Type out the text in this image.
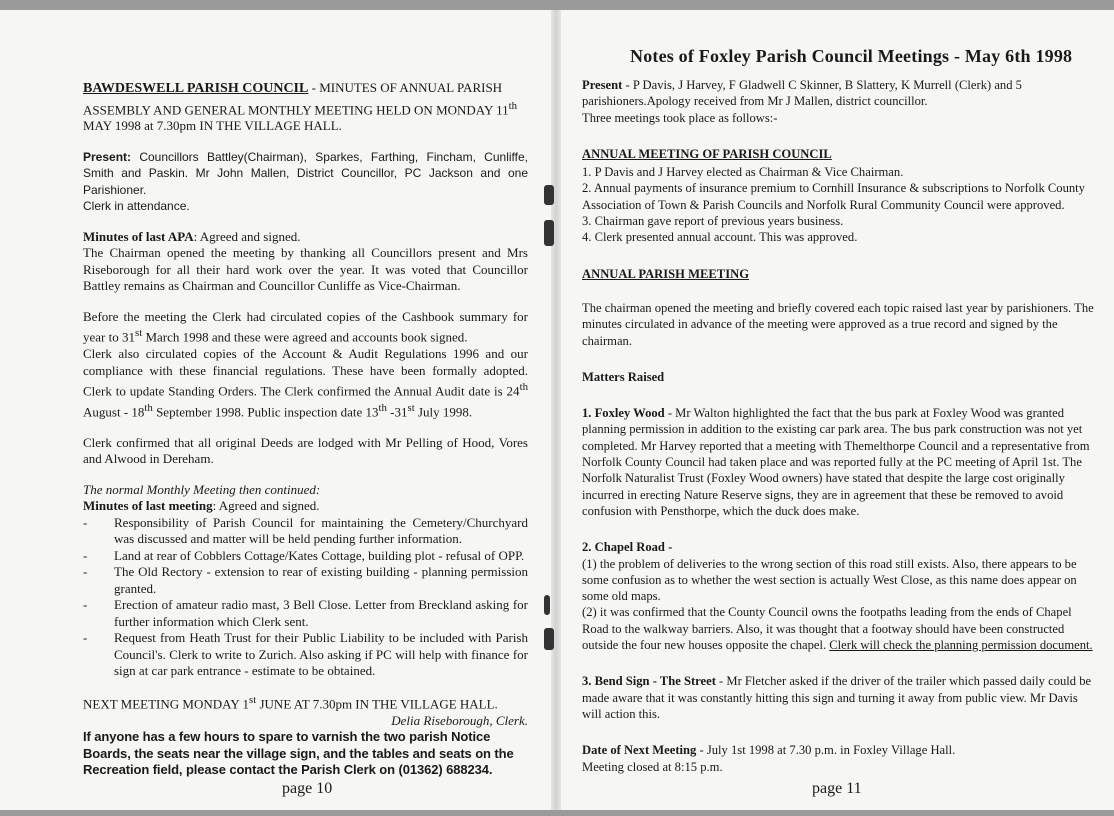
BAWDESWELL PARISH COUNCIL - MINUTES OF ANNUAL PARISH ASSEMBLY AND GENERAL MONTHLY MEETING HELD ON MONDAY 11th MAY 1998 at 7.30pm IN THE VILLAGE HALL.

Present: Councillors Battley(Chairman), Sparkes, Farthing, Fincham, Cunliffe, Smith and Paskin. Mr John Mallen, District Councillor, PC Jackson and one Parishioner.

Clerk in attendance.

Minutes of last APA: Agreed and signed.

The Chairman opened the meeting by thanking all Councillors present and Mrs Riseborough for all their hard work over the year. It was voted that Councillor Battley remains as Chairman and Councillor Cunliffe as Vice-Chairman.

Before the meeting the Clerk had circulated copies of the Cashbook summary for year to 31st March 1998 and these were agreed and accounts book signed.

Clerk also circulated copies of the Account & Audit Regulations 1996 and our compliance with these financial regulations. These have been formally adopted. Clerk to update Standing Orders. The Clerk confirmed the Annual Audit date is 24th August - 18th September 1998. Public inspection date 13th -31st July 1998.

Clerk confirmed that all original Deeds are lodged with Mr Pelling of Hood, Vores and Alwood in Dereham.

The normal Monthly Meeting then continued:

Minutes of last meeting: Agreed and signed.

- Responsibility of Parish Council for maintaining the Cemetery/Churchyard was discussed and matter will be held pending further information.
- Land at rear of Cobblers Cottage/Kates Cottage, building plot - refusal of OPP.
- The Old Rectory - extension to rear of existing building - planning permission granted.
- Erection of amateur radio mast, 3 Bell Close. Letter from Breckland asking for further information which Clerk sent.
- Request from Heath Trust for their Public Liability to be included with Parish Council's. Clerk to write to Zurich. Also asking if PC will help with finance for sign at car park entrance - estimate to be obtained.

NEXT MEETING MONDAY 1st JUNE AT 7.30pm IN THE VILLAGE HALL.

Delia Riseborough, Clerk.

If anyone has a few hours to spare to varnish the two parish Notice Boards, the seats near the village sign, and the tables and seats on the Recreation field, please contact the Parish Clerk on (01362) 688234.

page 10
Notes of Foxley Parish Council Meetings - May 6th 1998

Present - P Davis, J Harvey, F Gladwell C Skinner, B Slattery, K Murrell (Clerk) and 5 parishioners.Apology received from Mr J Mallen, district councillor.

Three meetings took place as follows:-

ANNUAL MEETING OF PARISH COUNCIL

1. P Davis and J Harvey elected as Chairman & Vice Chairman.

2. Annual payments of insurance premium to Cornhill Insurance & subscriptions to Norfolk County Association of Town & Parish Councils and Norfolk Rural Community Council were approved.

3. Chairman gave report of previous years business.

4. Clerk presented annual account. This was approved.

ANNUAL PARISH MEETING

The chairman opened the meeting and briefly covered each topic raised last year by parishioners. The minutes circulated in advance of the meeting were approved as a true record and signed by the chairman.

Matters Raised

1. Foxley Wood - Mr Walton highlighted the fact that the bus park at Foxley Wood was granted planning permission in addition to the existing car park area. The bus park construction was not yet completed. Mr Harvey reported that a meeting with Themelthorpe Council and a representative from Norfolk County Council had taken place and was reported fully at the PC meeting of April 1st. The Norfolk Naturalist Trust (Foxley Wood owners) have stated that despite the large cost originally incurred in erecting Nature Reserve signs, they are in agreement that these be removed to avoid confusion with Pensthorpe, which the duck does make.

2. Chapel Road -

(1) the problem of deliveries to the wrong section of this road still exists. Also, there appears to be some confusion as to whether the west section is actually West Close, as this name does appear on some old maps.

(2) it was confirmed that the County Council owns the footpaths leading from the ends of Chapel Road to the walkway barriers. Also, it was thought that a footway should have been constructed outside the four new houses opposite the chapel. Clerk will check the planning permission document.

3. Bend Sign - The Street - Mr Fletcher asked if the driver of the trailer which passed daily could be made aware that it was constantly hitting this sign and turning it away from public view. Mr Davis will action this.

Date of Next Meeting - July 1st 1998 at 7.30 p.m. in Foxley Village Hall.

Meeting closed at 8:15 p.m.

page 11
